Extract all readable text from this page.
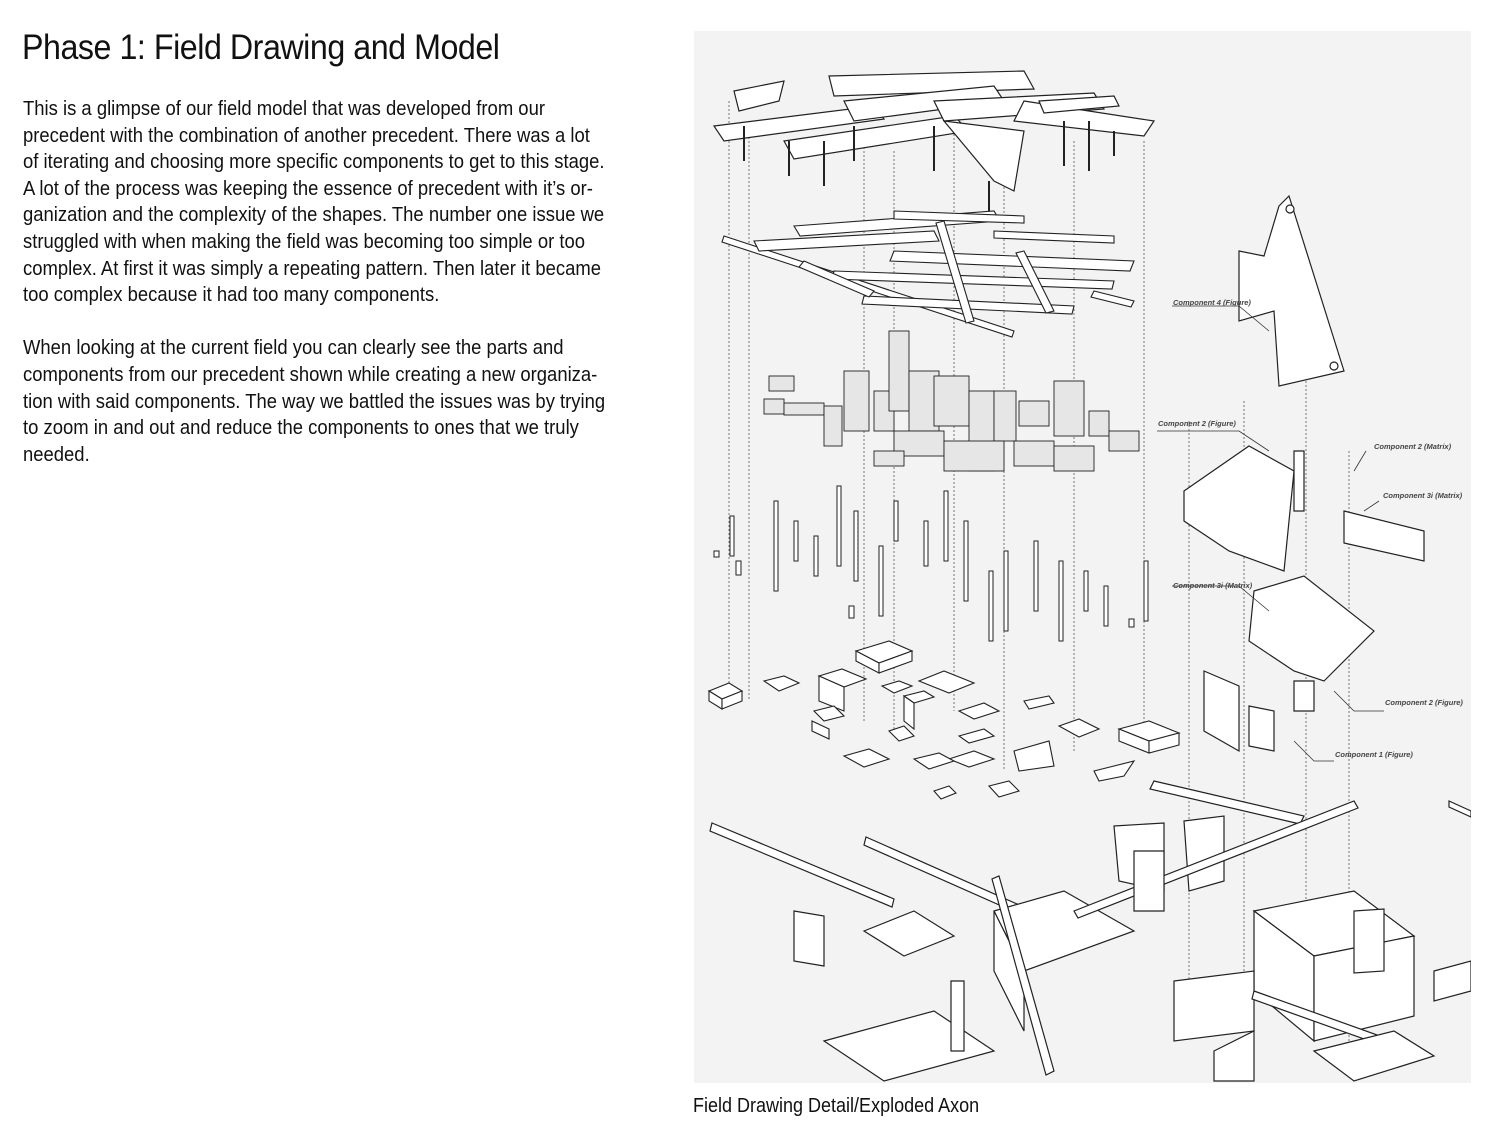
Phase 1: Field Drawing and Model

This is a glimpse of our field model that was developed from our
precedent with the combination of another precedent. There was a lot
of iterating and choosing more specific components to get to this stage.
A lot of the process was keeping the essence of precedent with it’s or-
ganization and the complexity of the shapes. The number one issue we
struggled with when making the field was becoming too simple or too
complex. At first it was simply a repeating pattern. Then later it became
too complex because it had too many components.

When looking at the current field you can clearly see the parts and
components from our precedent shown while creating a new organiza-
tion with said components. The way we battled the issues was by trying
to zoom in and out and reduce the components to ones that we truly
needed.

Component 4 (Figure)
Component 2 (Figure)
Component 2 (Matrix)
Component 3i (Matrix)
Component 3i (Matrix)
Component 2 (Figure)
Component 1 (Figure)
Field Drawing Detail/Exploded Axon
